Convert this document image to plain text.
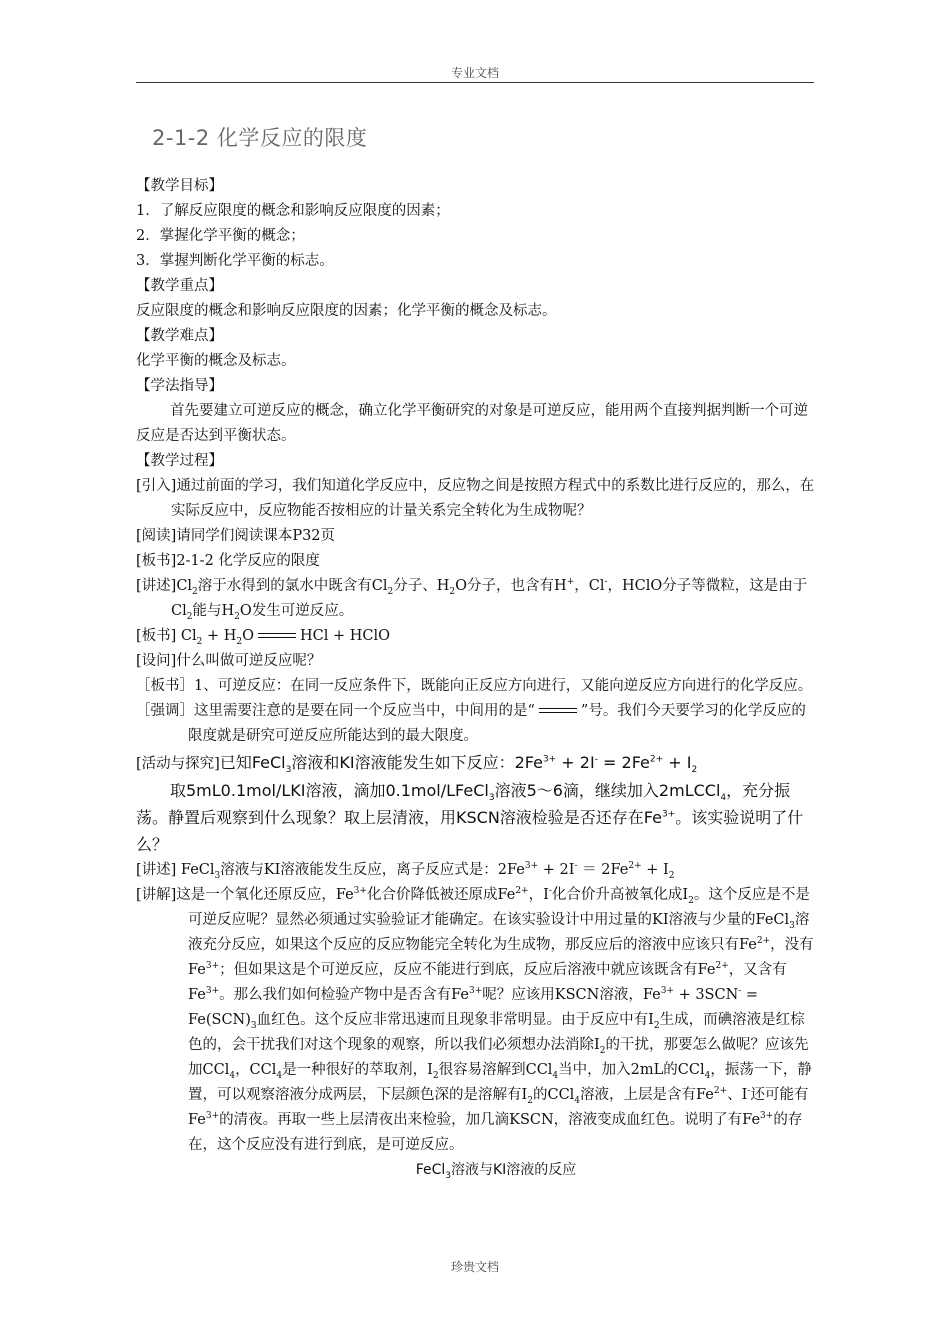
专业文档
2-1-2 化学反应的限度

【教学目标】

1．了解反应限度的概念和影响反应限度的因素；

2．掌握化学平衡的概念；

3．掌握判断化学平衡的标志。

【教学重点】

反应限度的概念和影响反应限度的因素；化学平衡的概念及标志。

【教学难点】

化学平衡的概念及标志。

【学法指导】

首先要建立可逆反应的概念，确立化学平衡研究的对象是可逆反应，能用两个直接判据判断一个可逆反应是否达到平衡状态。

【教学过程】

[引入]通过前面的学习，我们知道化学反应中，反应物之间是按照方程式中的系数比进行反应的，那么，在实际反应中，反应物能否按相应的计量关系完全转化为生成物呢？

[阅读]请同学们阅读课本P32页

[板书]2-1-2 化学反应的限度

[讲述]$Cl_2$溶于水得到的氯水中既含有$Cl_2$分子、$H_2O$分子，也含有H+，Cl-，HClO分子等微粒，这是由于$Cl_2$能与$H_2O$发生可逆反应。

[板书] $Cl_2 + H_2O$	HCl + HClO

[设问]什么叫做可逆反应呢？

［板书］1、可逆反应：在同一反应条件下，既能向正反应方向进行，又能向逆反应方向进行的化学反应。

［强调］这里需要注意的是要在同一个反应当中，中间用的是“	”号。我们今天要学习的化学反应的限度就是研究可逆反应所能达到的最大限度。

[活动与探究]已知FeCl$_3$溶液和KI溶液能发生如下反应：$2Fe^{3+} + 2I^- = 2Fe^{2+} + I_2$

取5mL0.1mol/LKI溶液，滴加0.1mol/LFeCl$_3$溶液5～6滴，继续加入2mLCCl$_4$，充分振荡。静置后观察到什么现象？取上层清液，用KSCN溶液检验是否还存在$Fe^{3+}$。该实验说明了什么？

[讲述] FeCl$_3$溶液与KI溶液能发生反应，离子反应式是：$2Fe^{3+} + 2I^- = 2Fe^{2+} + I_2$

[讲解]这是一个氧化还原反应，$Fe^{3+}$化合价降低被还原成$Fe^{2+}$，I-化合价升高被氧化成$I_2$。这个反应是不是可逆反应呢？显然必须通过实验验证才能确定。在该实验设计中用过量的KI溶液与少量的FeCl$_3$溶液充分反应，如果这个反应的反应物能完全转化为生成物，那反应后的溶液中应该只有$Fe^{2+}$，没有$Fe^{3+}$；但如果这是个可逆反应，反应不能进行到底，反应后溶液中就应该既含有$Fe^{2+}$，又含有$Fe^{3+}$。那么我们如何检验产物中是否含有$Fe^{3+}$呢？应该用KSCN溶液，$Fe^{3+} + 3SCN^- = Fe(SCN)_3$血红色。这个反应非常迅速而且现象非常明显。由于反应中有$I_2$生成，而碘溶液是红棕色的，会干扰我们对这个现象的观察，所以我们必须想办法消除$I_2$的干扰，那要怎么做呢？应该先加CCl$_4$，CCl$_4$是一种很好的萃取剂，$I_2$很容易溶解到CCl$_4$当中，加入2mL的CCl$_4$，振荡一下，静置，可以观察溶液分成两层，下层颜色深的是溶解有$I_2$的CCl$_4$溶液，上层是含有$Fe^{2+}$、I-还可能有$Fe^{3+}$的清夜。再取一些上层清夜出来检验，加几滴KSCN，溶液变成血红色。说明了有$Fe^{3+}$的存在，这个反应没有进行到底，是可逆反应。

FeCl$_3$溶液与KI溶液的反应

珍贵文档
